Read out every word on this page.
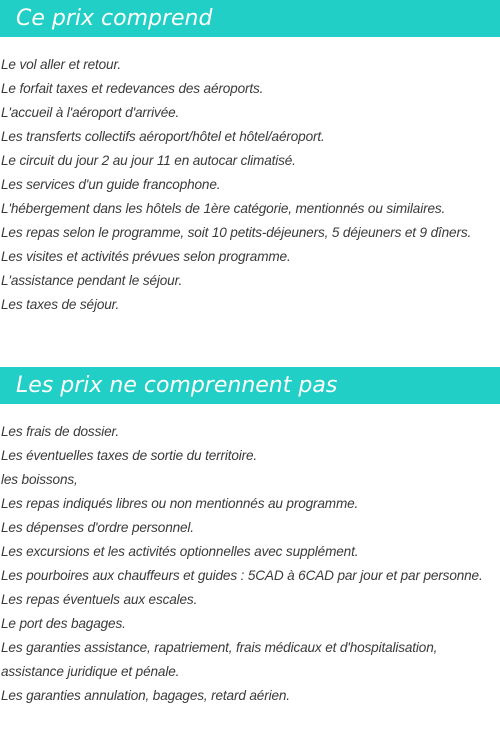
Ce prix comprend
Le vol aller et retour.
Le forfait taxes et redevances des aéroports.
L'accueil à l'aéroport d'arrivée.
Les transferts collectifs aéroport/hôtel et hôtel/aéroport.
Le circuit du jour 2 au jour 11 en autocar climatisé.
Les services d'un guide francophone.
L'hébergement dans les hôtels de 1ère catégorie, mentionnés ou similaires.
Les repas selon le programme, soit 10 petits-déjeuners, 5 déjeuners et 9 dîners.
Les visites et activités prévues selon programme.
L'assistance pendant le séjour.
Les taxes de séjour.
Les prix ne comprennent pas
Les frais de dossier.
Les éventuelles taxes de sortie du territoire.
les boissons,
Les repas indiqués libres ou non mentionnés au programme.
Les dépenses d'ordre personnel.
Les excursions et les activités optionnelles avec supplément.
Les pourboires aux chauffeurs et guides : 5CAD à 6CAD par jour et par personne.
Les repas éventuels aux escales.
Le port des bagages.
Les garanties assistance, rapatriement, frais médicaux et d'hospitalisation, assistance juridique et pénale.
Les garanties annulation, bagages, retard aérien.
